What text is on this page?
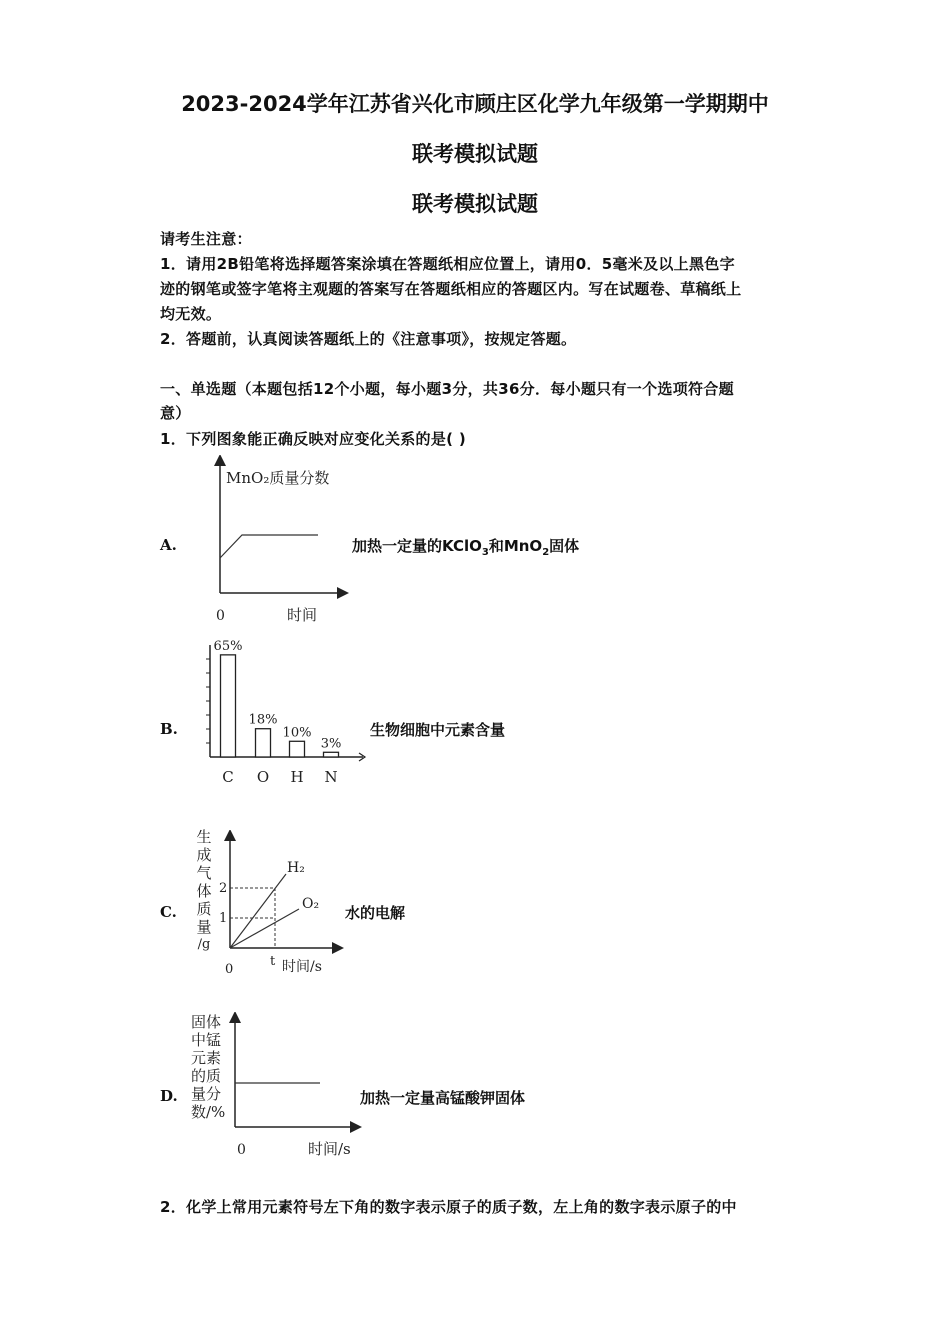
2023-2024学年江苏省兴化市顾庄区化学九年级第一学期期中
联考模拟试题
联考模拟试题
请考生注意：
1．请用2B铅笔将选择题答案涂填在答题纸相应位置上，请用0．5毫米及以上黑色字
迹的钢笔或签字笔将主观题的答案写在答题纸相应的答题区内。写在试题卷、草稿纸上
均无效。
2．答题前，认真阅读答题纸上的《注意事项》，按规定答题。
一、单选题（本题包括12个小题，每小题3分，共36分．每小题只有一个选项符合题
意）
1．下列图象能正确反映对应变化关系的是( )
A.
MnO₂质量分数
0	时间
加热一定量的KClO$_3$和MnO$_2$固体
B.
65%
C
18%
O
10%
H
3%
N
生物细胞中元素含量
C.
生
成
气
体
质
量
/g
H₂
O₂
2
1
0
t 时间/s
水的电解
D.
固体
中锰
元素
的质
量分
数/%
0	时间/s
加热一定量高锰酸钾固体
2．化学上常用元素符号左下角的数字表示原子的质子数，左上角的数字表示原子的中
